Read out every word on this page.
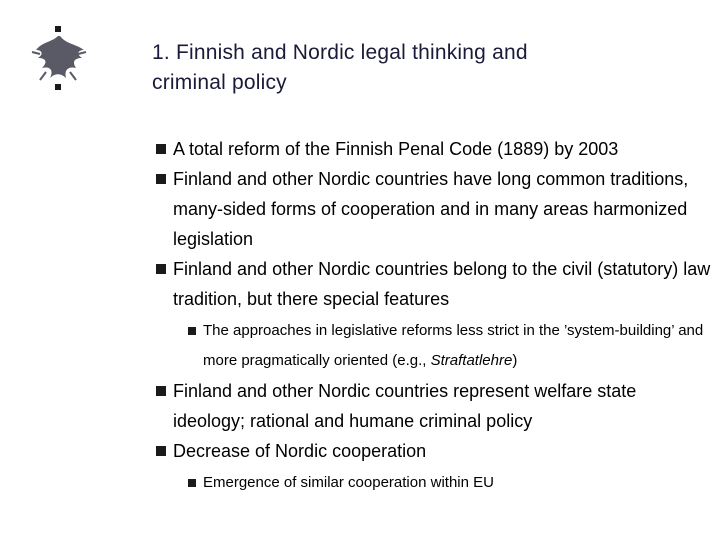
1. Finnish and Nordic legal thinking and
criminal policy
A total reform of the Finnish Penal Code (1889) by 2003
Finland and other Nordic countries have long common traditions, many-sided forms of cooperation and in many areas harmonized legislation
Finland and other Nordic countries belong to the civil (statutory) law tradition, but there special features
The approaches in legislative reforms less strict in the ’system-building’ and more pragmatically oriented (e.g., Straftatlehre)
Finland and other Nordic countries represent welfare state ideology; rational and humane criminal policy
Decrease of Nordic cooperation
Emergence of similar cooperation within EU
